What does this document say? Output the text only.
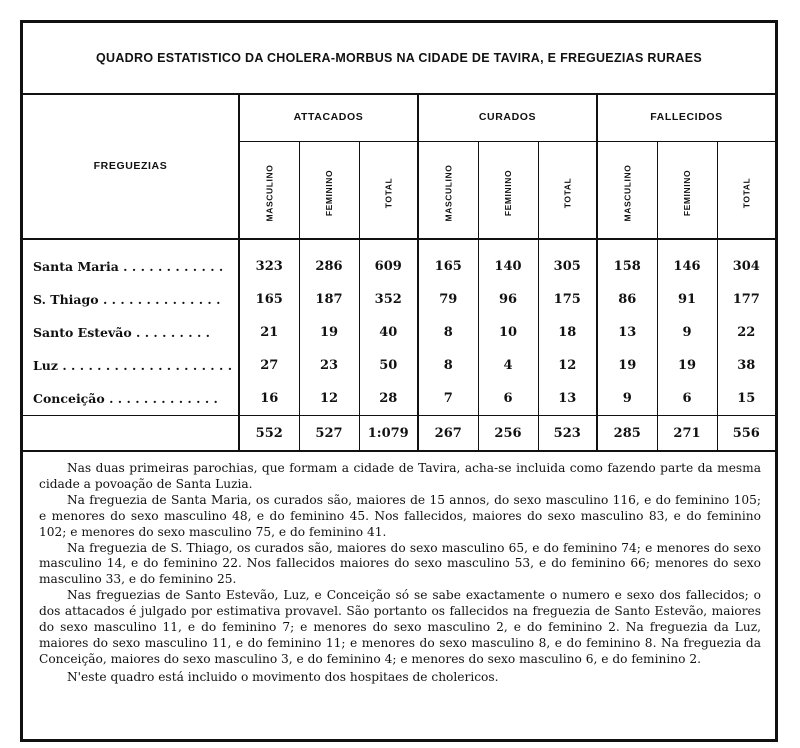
QUADRO ESTATISTICO DA CHOLERA-MORBUS NA CIDADE DE TAVIRA, E FREGUEZIAS RURAES
FREGUEZIAS	ATTACADOS			CURADOS			FALLECIDOS		
	MASCULINO	FEMININO	TOTAL	MASCULINO	FEMININO	TOTAL	MASCULINO	FEMININO	TOTAL
Santa Maria . . . . . . . . . . . .	323	286	609	165	140	305	158	146	304
S. Thiago . . . . . . . . . . . . . .	165	187	352	79	96	175	86	91	177
Santo Estevão . . . . . . . . .	21	19	40	8	10	18	13	9	22
Luz . . . . . . . . . . . . . . . . . . . .	27	23	50	8	4	12	19	19	38
Conceição . . . . . . . . . . . . .	16	12	28	7	6	13	9	6	15
	552	527	1:079	267	256	523	285	271	556

Nas duas primeiras parochias, que formam a cidade de Tavira, acha-se incluida como fazendo parte da mesma cidade a povoação de Santa Luzia.

Na freguezia de Santa Maria, os curados são, maiores de 15 annos, do sexo masculino 116, e do feminino 105; e menores do sexo masculino 48, e do feminino 45. Nos fallecidos, maiores do sexo masculino 83, e do feminino 102; e menores do sexo masculino 75, e do feminino 41.

Na freguezia de S. Thiago, os curados são, maiores do sexo masculino 65, e do feminino 74; e menores do sexo masculino 14, e do feminino 22. Nos fallecidos maiores do sexo masculino 53, e do feminino 66; menores do sexo masculino 33, e do feminino 25.

Nas freguezias de Santo Estevão, Luz, e Conceição só se sabe exactamente o numero e sexo dos fallecidos; o dos attacados é julgado por estimativa provavel. São portanto os fallecidos na freguezia de Santo Estevão, maiores do sexo masculino 11, e do feminino 7; e menores do sexo masculino 2, e do feminino 2. Na freguezia da Luz, maiores do sexo masculino 11, e do feminino 11; e menores do sexo masculino 8, e do feminino 8. Na freguezia da Conceição, maiores do sexo masculino 3, e do feminino 4; e menores do sexo masculino 6, e do feminino 2.

N'este quadro está incluido o movimento dos hospitaes de cholericos.
